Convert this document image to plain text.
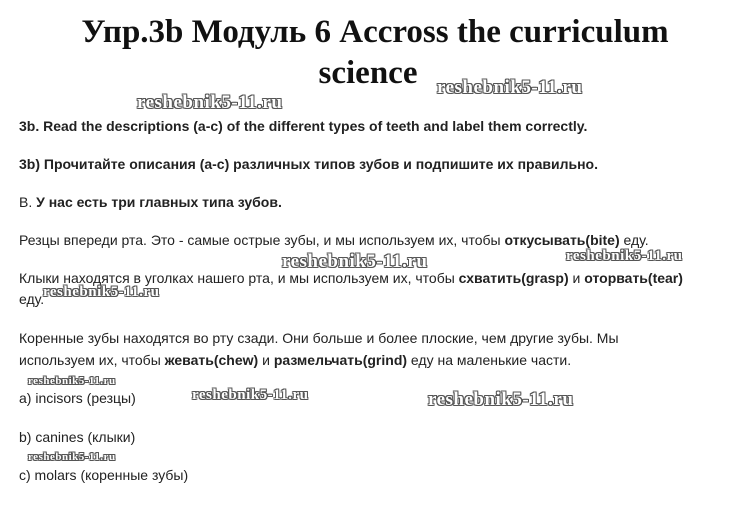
Упр.3b Модуль 6 Accross the curriculum
science	reshebnik5-11.ru
reshebnik5-11.ru
3b. Read the descriptions (a-c) of the different types of teeth and label them correctly.
3b) Прочитайте описания (a-c) различных типов зубов и подпишите их правильно.
В. У нас есть три главных типа зубов.
Резцы впереди рта. Это - самые острые зубы, и мы используем их, чтобы откусывать(bite) еду.
reshebnik5-11.ru	reshebnik5-11.ru
Клыки находятся в уголках нашего рта, и мы используем их, чтобы схватить(grasp) и оторвать(tear)
еду.
reshebnik5-11.ru
Коренные зубы находятся во рту сзади. Они больше и более плоские, чем другие зубы. Мы
используем их, чтобы жевать(chew) и размельчать(grind) еду на маленькие части.
reshebnik5-11.ru
reshebnik5-11.ru	reshebnik5-11.ru
a) incisors (резцы)
b) canines (клыки)
reshebnik5-11.ru
c) molars (коренные зубы)
